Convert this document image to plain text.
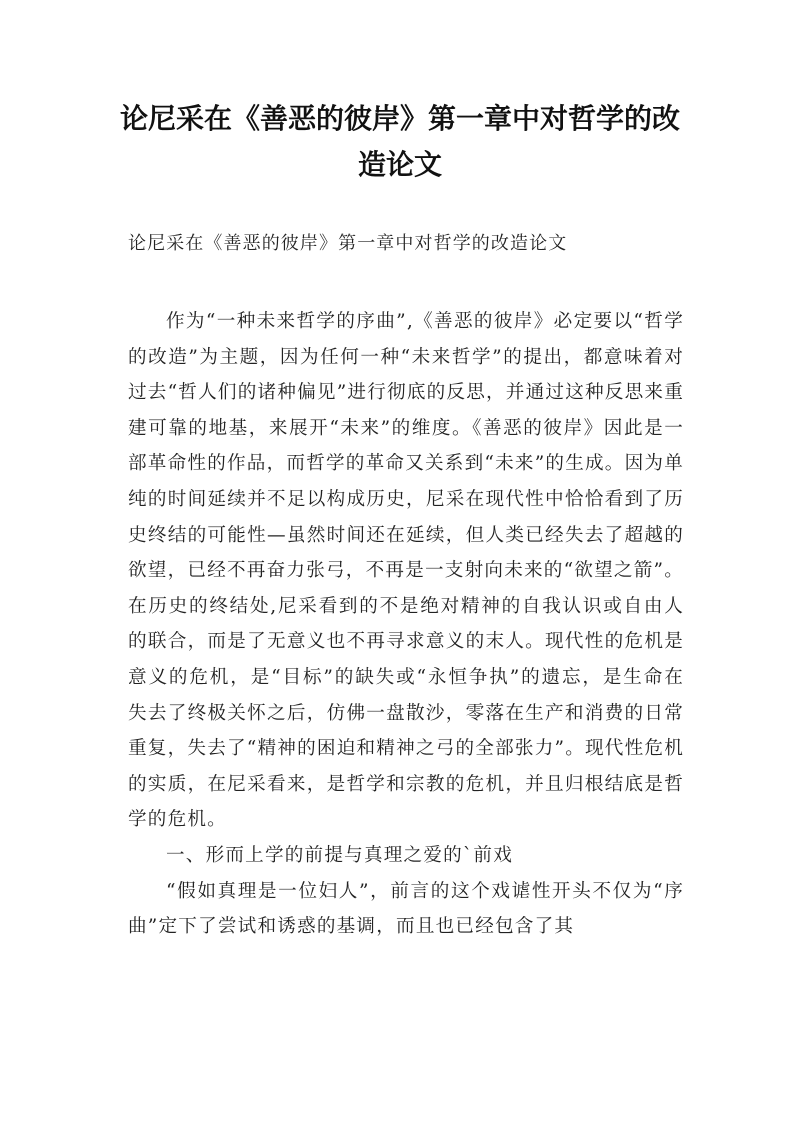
论尼采在《善恶的彼岸》第一章中对哲学的改造论文
论尼采在《善恶的彼岸》第一章中对哲学的改造论文

作为“一种未来哲学的序曲”,《善恶的彼岸》必定要以“哲学的改造”为主题，因为任何一种“未来哲学”的提出，都意味着对过去“哲人们的诸种偏见”进行彻底的反思，并通过这种反思来重建可靠的地基，来展开“未来”的维度。《善恶的彼岸》因此是一部革命性的作品，而哲学的革命又关系到“未来”的生成。因为单纯的时间延续并不足以构成历史，尼采在现代性中恰恰看到了历史终结的可能性—虽然时间还在延续，但人类已经失去了超越的欲望，已经不再奋力张弓，不再是一支射向未来的“欲望之箭”。在历史的终结处,尼采看到的不是绝对精神的自我认识或自由人的联合，而是了无意义也不再寻求意义的末人。现代性的危机是意义的危机，是“目标”的缺失或“永恒争执”的遗忘，是生命在失去了终极关怀之后，仿佛一盘散沙，零落在生产和消费的日常重复，失去了“精神的困迫和精神之弓的全部张力”。现代性危机的实质，在尼采看来，是哲学和宗教的危机，并且归根结底是哲学的危机。

一、形而上学的前提与真理之爱的`前戏

“假如真理是一位妇人”，前言的这个戏谑性开头不仅为“序曲”定下了尝试和诱惑的基调，而且也已经包含了其
